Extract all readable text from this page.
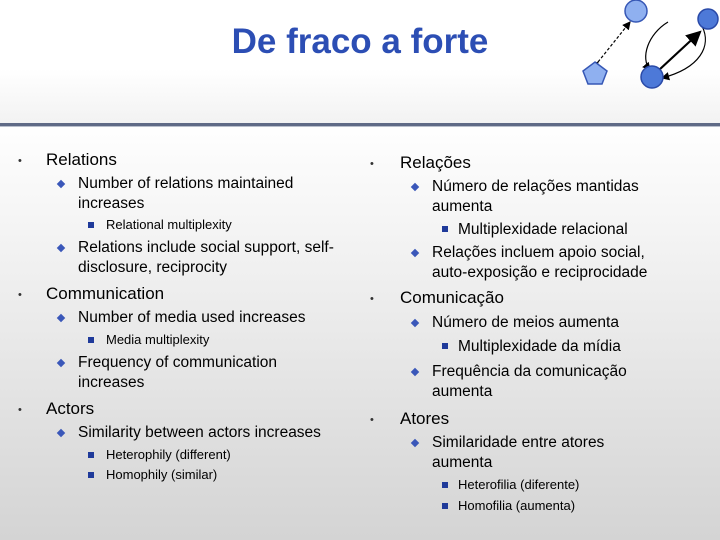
De fraco a forte
•	Relations
Number of relations maintained
increases
Relational multiplexity
Relations include social support, self-
disclosure, reciprocity
•	Communication
Number of media used increases
Media multiplexity
Frequency of communication
increases
•	Actors
Similarity between actors increases
Heterophily (different)
Homophily (similar)
•	Relações
Número de relações mantidas
aumenta
Multiplexidade relacional
Relações incluem apoio social,
auto-exposição e reciprocidade
•	Comunicação
Número de meios aumenta
Multiplexidade da mídia
Frequência da comunicação
aumenta
•	Atores
Similaridade entre atores
aumenta
Heterofilia (diferente)
Homofilia (aumenta)
